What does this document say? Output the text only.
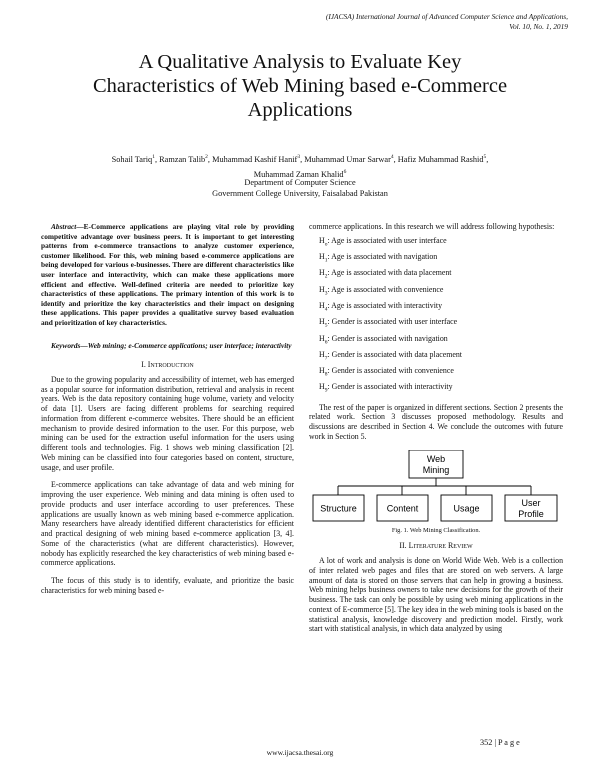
(IJACSA) International Journal of Advanced Computer Science and Applications,
Vol. 10, No. 1, 2019
A Qualitative Analysis to Evaluate Key
Characteristics of Web Mining based e-Commerce
Applications
Sohail Tariq$^1$, Ramzan Talib$^2$, Muhammad Kashif Hanif$^3$, Muhammad Umar Sarwar$^4$, Hafiz Muhammad Rashid$^5$,
Muhammad Zaman Khalid$^6$
Department of Computer Science
Government College University, Faisalabad Pakistan

Abstract—E-Commerce applications are playing vital role by providing competitive advantage over business peers. It is important to get interesting patterns from e-commerce transactions to analyze customer experience, customer likelihood. For this, web mining based e-commerce applications are being developed for various e-businesses. There are different characteristics like user interface and interactivity, which can make these applications more efficient and effective. Well-defined criteria are needed to prioritize key characteristics of these applications. The primary intention of this work is to identify and prioritize the key characteristics and their impact on designing these applications. This paper provides a qualitative survey based evaluation and prioritization of key characteristics.

Keywords—Web mining; e-Commerce applications; user interface; interactivity

I. Introduction

Due to the growing popularity and accessibility of internet, web has emerged as a popular source for information distribution, retrieval and analysis in recent years. Web is the data repository containing huge volume, variety and velocity of data [1]. Users are facing different problems for searching required information from different e-commerce websites. There should be an efficient mechanism to provide desired information to the user. For this purpose, web mining can be used for the extraction useful information for the users using different tools and technologies. Fig. 1 shows web mining classification [2]. Web mining can be classified into four categories based on content, structure, usage, and user profile.

E-commerce applications can take advantage of data and web mining for improving the user experience. Web mining and data mining is often used to provide products and user interface according to user preferences. These applications are usually known as web mining based e-commerce application. Many researchers have already identified different characteristics for efficient and practical designing of web mining based e-commerce application [3, 4]. Some of the characteristics (what are different characteristics). However, nobody has explicitly researched the key characteristics of web mining based e-commerce applications.

The focus of this study is to identify, evaluate, and prioritize the basic characteristics for web mining based e-

commerce applications. In this research we will address following hypothesis:

$H_o$: Age is associated with user interface
$H_1$: Age is associated with navigation
$H_2$: Age is associated with data placement
$H_3$: Age is associated with convenience
$H_4$: Age is associated with interactivity
$H_5$: Gender is associated with user interface
$H_6$: Gender is associated with navigation
$H_7$: Gender is associated with data placement
$H_8$: Gender is associated with convenience
$H_9$: Gender is associated with interactivity

The rest of the paper is organized in different sections. Section 2 presents the related work. Section 3 discusses proposed methodology. Results and discussions are described in Section 4. We conclude the outcomes with future work in Section 5.

Web
Mining
Structure	Content	Usage
User
Profile
Fig. 1. Web Mining Classification.
II. Literature Review

A lot of work and analysis is done on World Wide Web. Web is a collection of inter related web pages and files that are stored on web servers. A large amount of data is stored on those servers that can help in growing a business. Web mining helps business owners to take new decisions for the growth of their business. The task can only be possible by using web mining applications in the context of E-commerce [5]. The key idea in the web mining tools is based on the statistical analysis, knowledge discovery and prediction model. Firstly, work start with statistical analysis, in which data analyzed by using

352 | P a g e
www.ijacsa.thesai.org
